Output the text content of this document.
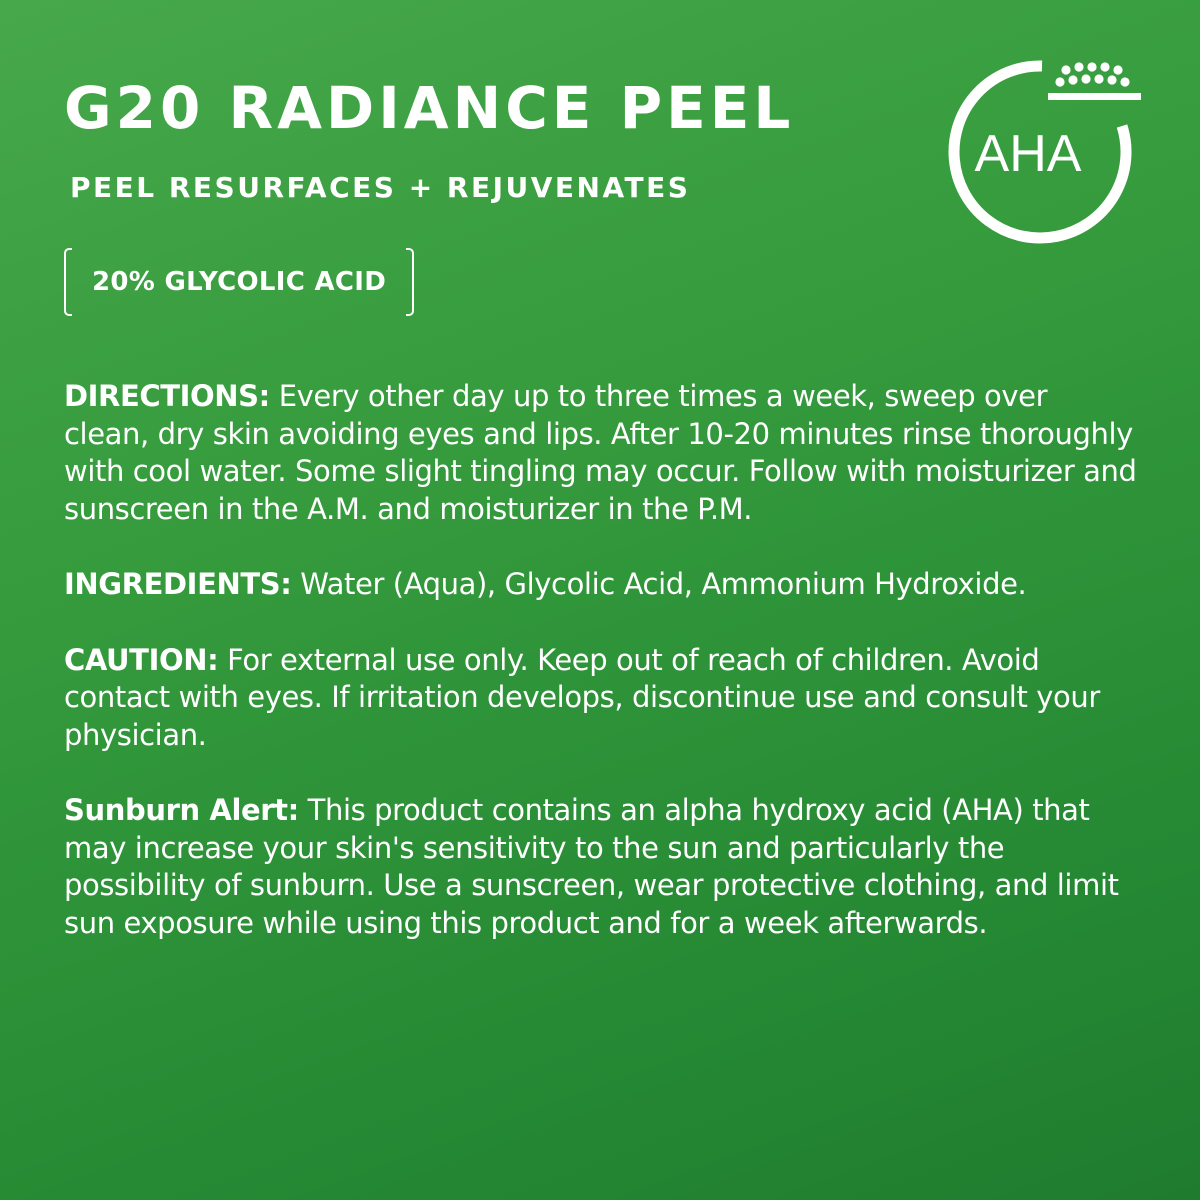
G20 RADIANCE PEEL
PEEL RESURFACES + REJUVENATES
20% GLYCOLIC ACID
AHA

DIRECTIONS: Every other day up to three times a week, sweep over clean, dry skin avoiding eyes and lips. After 10-20 minutes rinse thoroughly with cool water. Some slight tingling may occur. Follow with moisturizer and sunscreen in the A.M. and moisturizer in the P.M.

INGREDIENTS: Water (Aqua), Glycolic Acid, Ammonium Hydroxide.

CAUTION: For external use only. Keep out of reach of children. Avoid contact with eyes. If irritation develops, discontinue use and consult your physician.

Sunburn Alert: This product contains an alpha hydroxy acid (AHA) that may increase your skin's sensitivity to the sun and particularly the possibility of sunburn. Use a sunscreen, wear protective clothing, and limit sun exposure while using this product and for a week afterwards.
